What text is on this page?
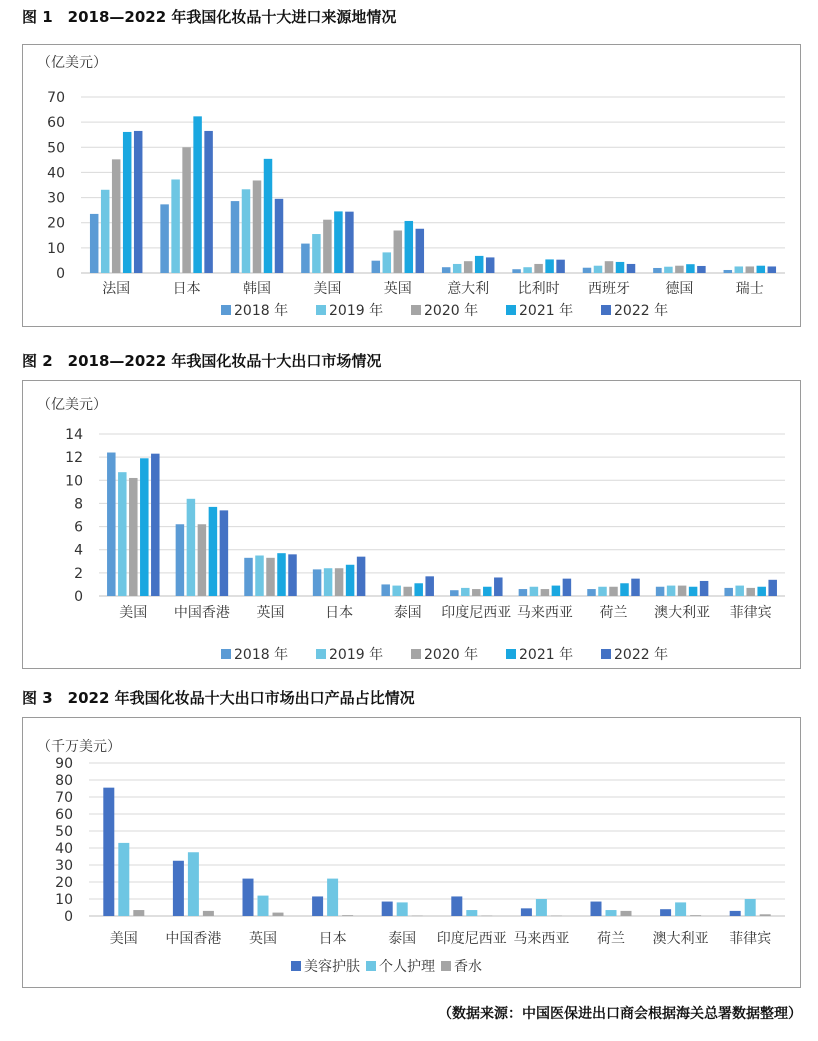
图 1　2018—2022 年我国化妆品十大进口来源地情况
（亿美元）
0
10
20
30
40
50
60
70
法国	日本	韩国	美国	英国	意大利 比利时 西班牙	德国	瑞士
2018 年	2019 年	2020 年	2021 年	2022 年
图 2　2018—2022 年我国化妆品十大出口市场情况
（亿美元）
0
2
4
6
8
10
12
14
美国 中国香港 英国	日本	泰国 印度尼西亚 马来西亚 荷兰 澳大利亚 菲律宾
2018 年	2019 年	2020 年	2021 年	2022 年
图 3　2022 年我国化妆品十大出口市场出口产品占比情况
（千万美元）
0
10
20
30
40
50
60
70
80
90
美国 中国香港 英国	日本	泰国 印度尼西亚 马来西亚 荷兰 澳大利亚 菲律宾
美容护肤 个人护理 香水
（数据来源：中国医保进出口商会根据海关总署数据整理）
